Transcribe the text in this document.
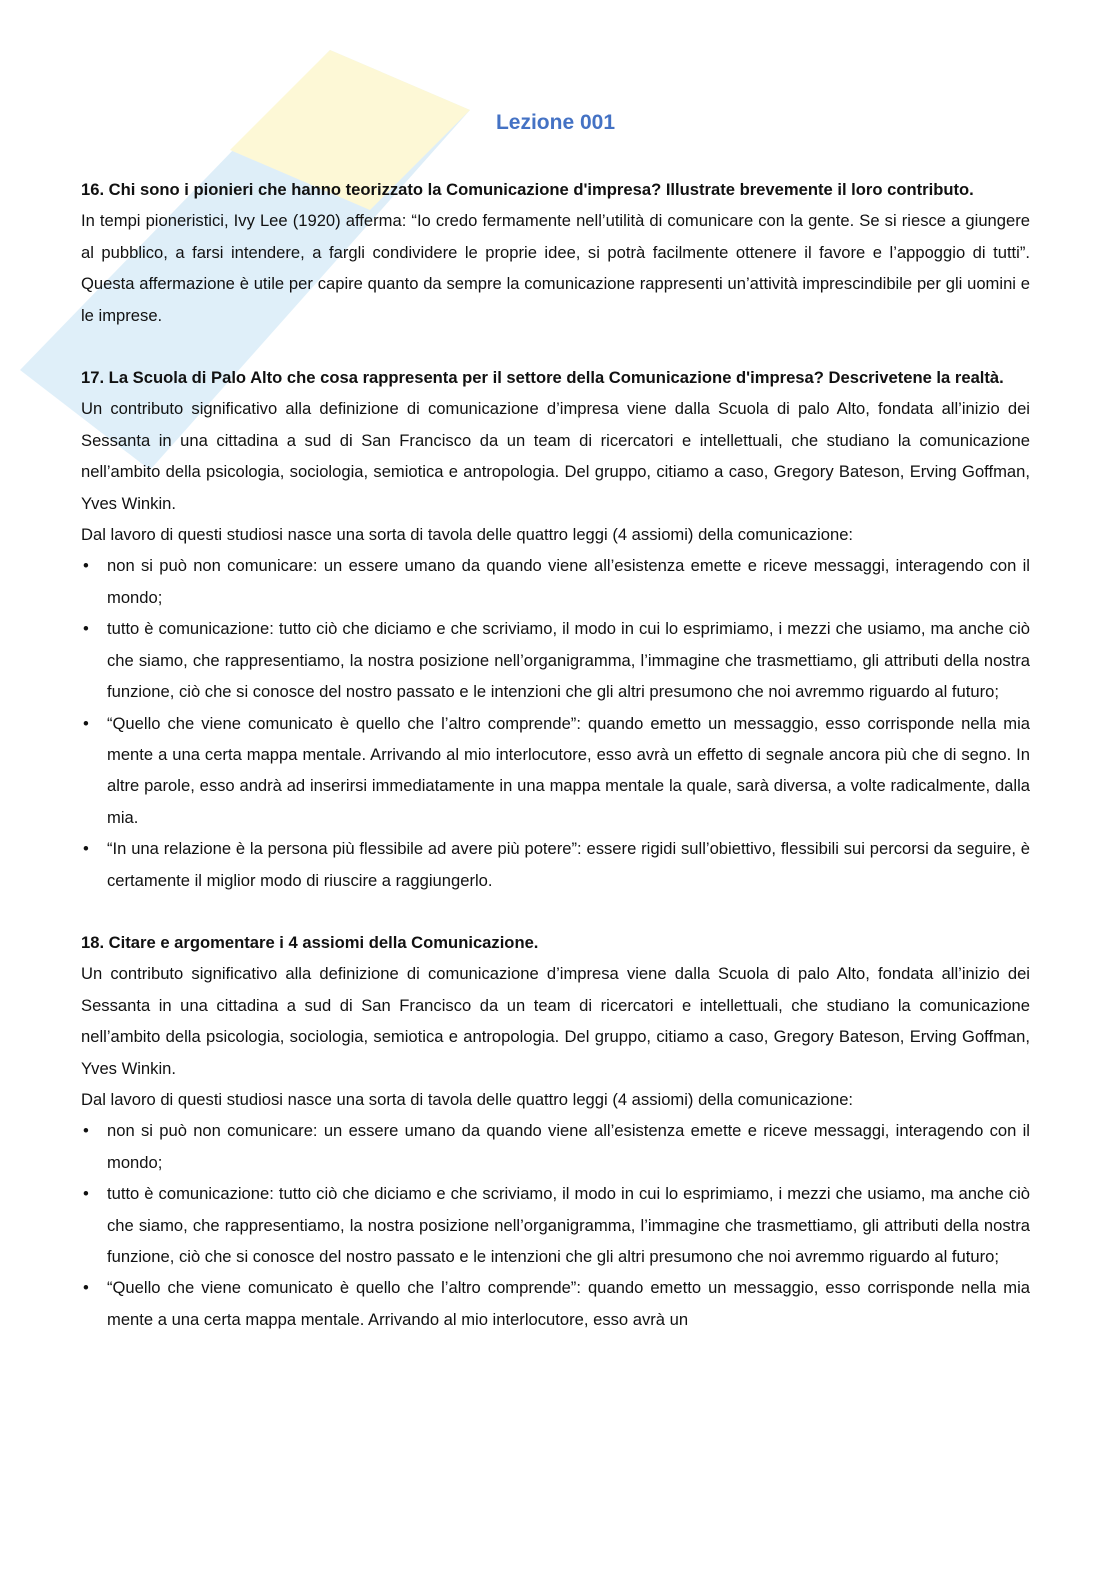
Lezione 001
16. Chi sono i pionieri che hanno teorizzato la Comunicazione d'impresa? Illustrate brevemente il loro contributo.

In tempi pioneristici, Ivy Lee (1920) afferma: “Io credo fermamente nell’utilità di comunicare con la gente. Se si riesce a giungere al pubblico, a farsi intendere, a fargli condividere le proprie idee, si potrà facilmente ottenere il favore e l’appoggio di tutti”. Questa affermazione è utile per capire quanto da sempre la comunicazione rappresenti un’attività imprescindibile per gli uomini e le imprese.

17. La Scuola di Palo Alto che cosa rappresenta per il settore della Comunicazione d'impresa? Descrivetene la realtà.

Un contributo significativo alla definizione di comunicazione d’impresa viene dalla Scuola di palo Alto, fondata all’inizio dei Sessanta in una cittadina a sud di San Francisco da un team di ricercatori e intellettuali, che studiano la comunicazione nell’ambito della psicologia, sociologia, semiotica e antropologia. Del gruppo, citiamo a caso, Gregory Bateson, Erving Goffman, Yves Winkin.

Dal lavoro di questi studiosi nasce una sorta di tavola delle quattro leggi (4 assiomi) della comunicazione:

• non si può non comunicare: un essere umano da quando viene all’esistenza emette e riceve messaggi, interagendo con il mondo;
• tutto è comunicazione: tutto ciò che diciamo e che scriviamo, il modo in cui lo esprimiamo, i mezzi che usiamo, ma anche ciò che siamo, che rappresentiamo, la nostra posizione nell’organigramma, l’immagine che trasmettiamo, gli attributi della nostra funzione, ciò che si conosce del nostro passato e le intenzioni che gli altri presumono che noi avremmo riguardo al futuro;
• “Quello che viene comunicato è quello che l’altro comprende”: quando emetto un messaggio, esso corrisponde nella mia mente a una certa mappa mentale. Arrivando al mio interlocutore, esso avrà un effetto di segnale ancora più che di segno. In altre parole, esso andrà ad inserirsi immediatamente in una mappa mentale la quale, sarà diversa, a volte radicalmente, dalla mia.
• “In una relazione è la persona più flessibile ad avere più potere”: essere rigidi sull’obiettivo, flessibili sui percorsi da seguire, è certamente il miglior modo di riuscire a raggiungerlo.
18. Citare e argomentare i 4 assiomi della Comunicazione.

Un contributo significativo alla definizione di comunicazione d’impresa viene dalla Scuola di palo Alto, fondata all’inizio dei Sessanta in una cittadina a sud di San Francisco da un team di ricercatori e intellettuali, che studiano la comunicazione nell’ambito della psicologia, sociologia, semiotica e antropologia. Del gruppo, citiamo a caso, Gregory Bateson, Erving Goffman, Yves Winkin.

Dal lavoro di questi studiosi nasce una sorta di tavola delle quattro leggi (4 assiomi) della comunicazione:

• non si può non comunicare: un essere umano da quando viene all’esistenza emette e riceve messaggi, interagendo con il mondo;
• tutto è comunicazione: tutto ciò che diciamo e che scriviamo, il modo in cui lo esprimiamo, i mezzi che usiamo, ma anche ciò che siamo, che rappresentiamo, la nostra posizione nell’organigramma, l’immagine che trasmettiamo, gli attributi della nostra funzione, ciò che si conosce del nostro passato e le intenzioni che gli altri presumono che noi avremmo riguardo al futuro;
• “Quello che viene comunicato è quello che l’altro comprende”: quando emetto un messaggio, esso corrisponde nella mia mente a una certa mappa mentale. Arrivando al mio interlocutore, esso avrà un
